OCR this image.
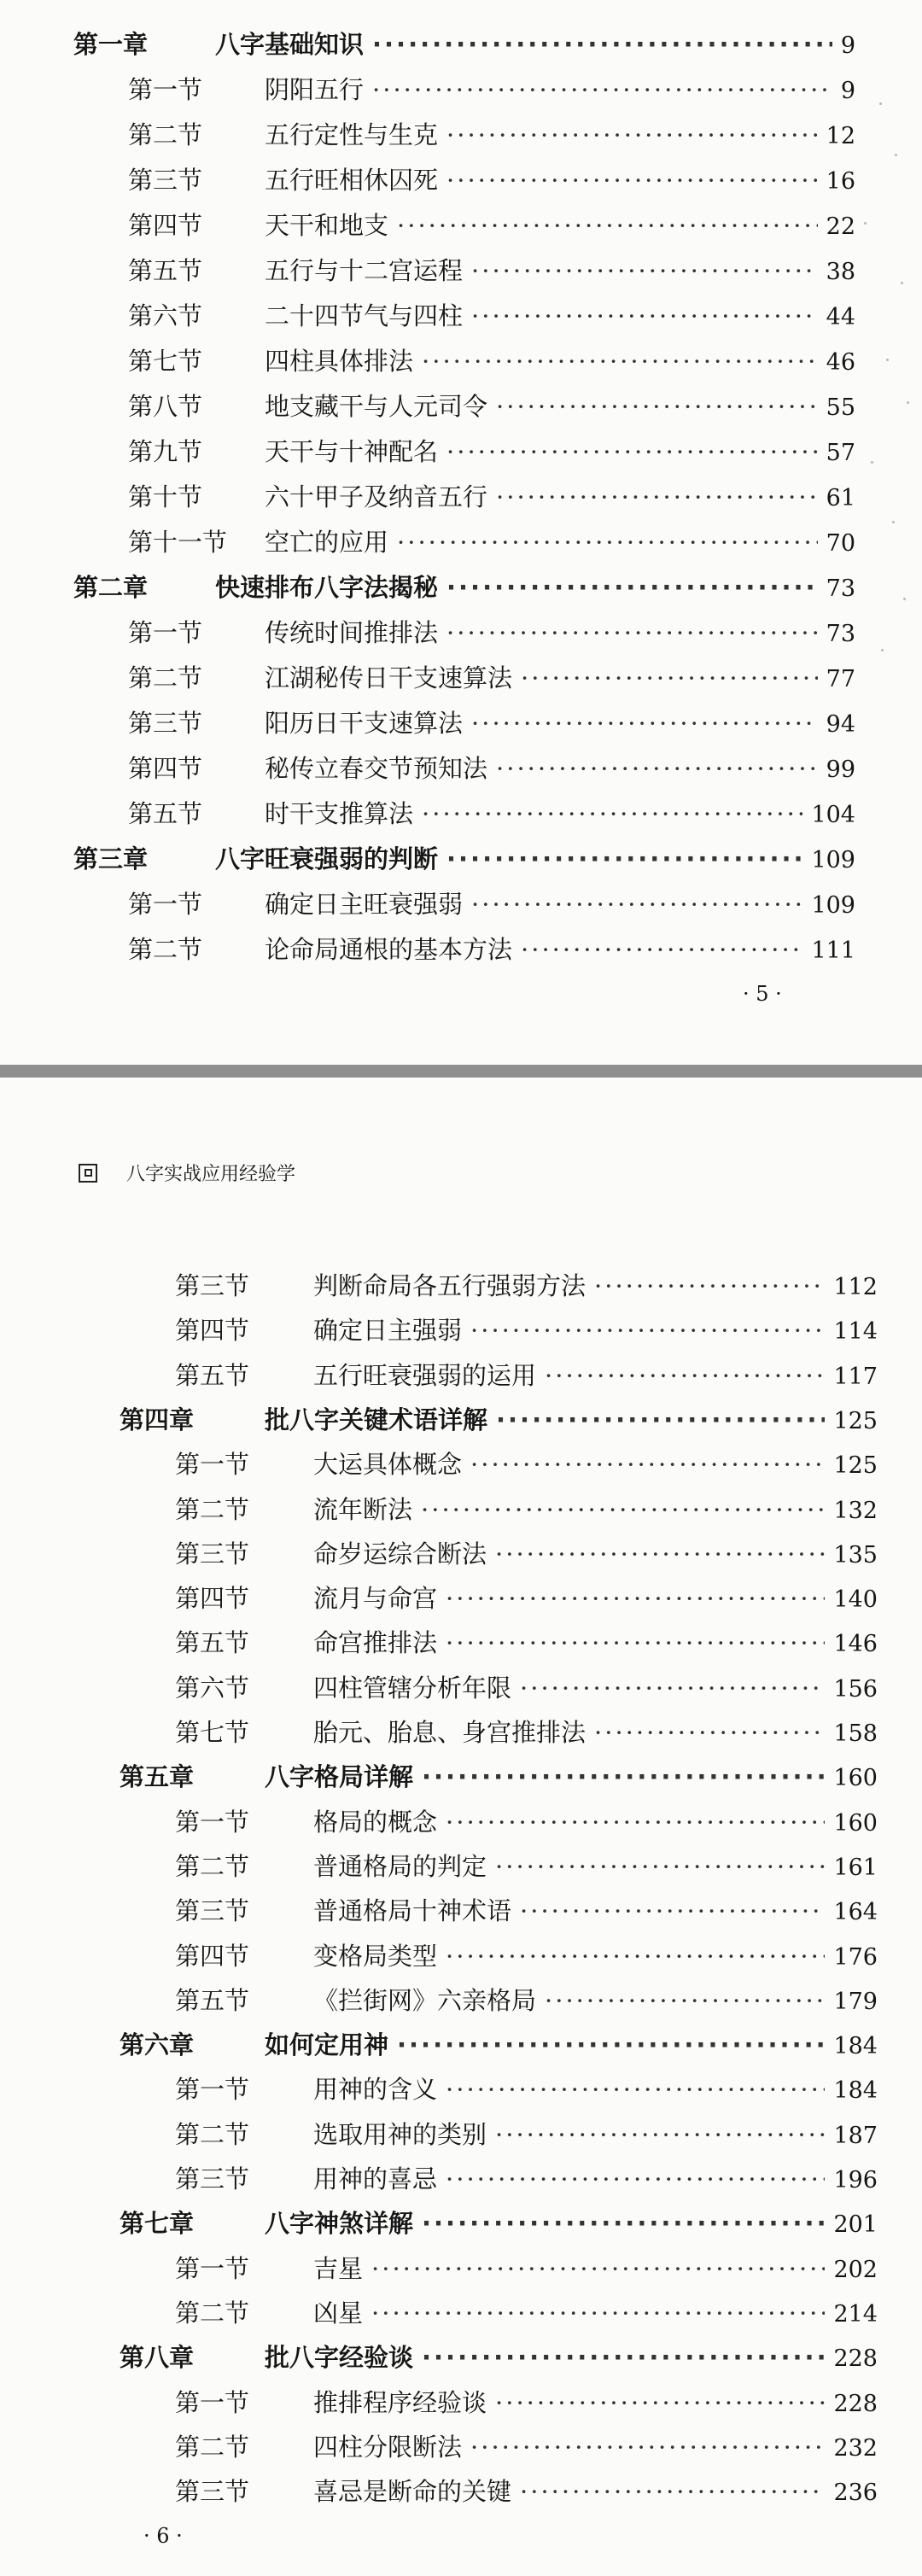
第一章	八字基础知识 ·····	9
第一节	阴阳五行 ·····	9
第二节	五行定性与生克 ·····	12
第三节	五行旺相休囚死 ·····	16
第四节	天干和地支 ·····	22
第五节	五行与十二宫运程 ·····	38
第六节	二十四节气与四柱 ·····	44
第七节	四柱具体排法 ·····	46
第八节	地支藏干与人元司令 ·····	55
第九节	天干与十神配名 ·····	57
第十节	六十甲子及纳音五行 ·····	61
第十一节	空亡的应用 ·····	70
第二章	快速排布八字法揭秘 ·····	73
第一节	传统时间推排法 ·····	73
第二节	江湖秘传日干支速算法 ·····	77
第三节	阳历日干支速算法 ·····	94
第四节	秘传立春交节预知法 ·····	99
第五节	时干支推算法 ·····	104
第三章	八字旺衰强弱的判断 ·····	109
第一节	确定日主旺衰强弱 ·····	109
第二节	论命局通根的基本方法 ·····	111
· 5 ·
八字实战应用经验学
第三节	判断命局各五行强弱方法 ·····	112
第四节	确定日主强弱 ·····	114
第五节	五行旺衰强弱的运用 ·····	117
第四章	批八字关键术语详解 ·····	125
第一节	大运具体概念 ·····	125
第二节	流年断法 ·····	132
第三节	命岁运综合断法 ·····	135
第四节	流月与命宫 ·····	140
第五节	命宫推排法 ·····	146
第六节	四柱管辖分析年限 ·····	156
第七节	胎元、胎息、身宫推排法 ·····	158
第五章	八字格局详解 ·····	160
第一节	格局的概念 ·····	160
第二节	普通格局的判定 ·····	161
第三节	普通格局十神术语 ·····	164
第四节	变格局类型 ·····	176
第五节	《拦街网》六亲格局 ·····	179
第六章	如何定用神 ·····	184
第一节	用神的含义 ·····	184
第二节	选取用神的类别 ·····	187
第三节	用神的喜忌 ·····	196
第七章	八字神煞详解 ·····	201
第一节	吉星 ·····	202
第二节	凶星 ·····	214
第八章	批八字经验谈 ·····	228
第一节	推排程序经验谈 ·····	228
第二节	四柱分限断法 ·····	232
第三节	喜忌是断命的关键 ·····	236
· 6 ·
